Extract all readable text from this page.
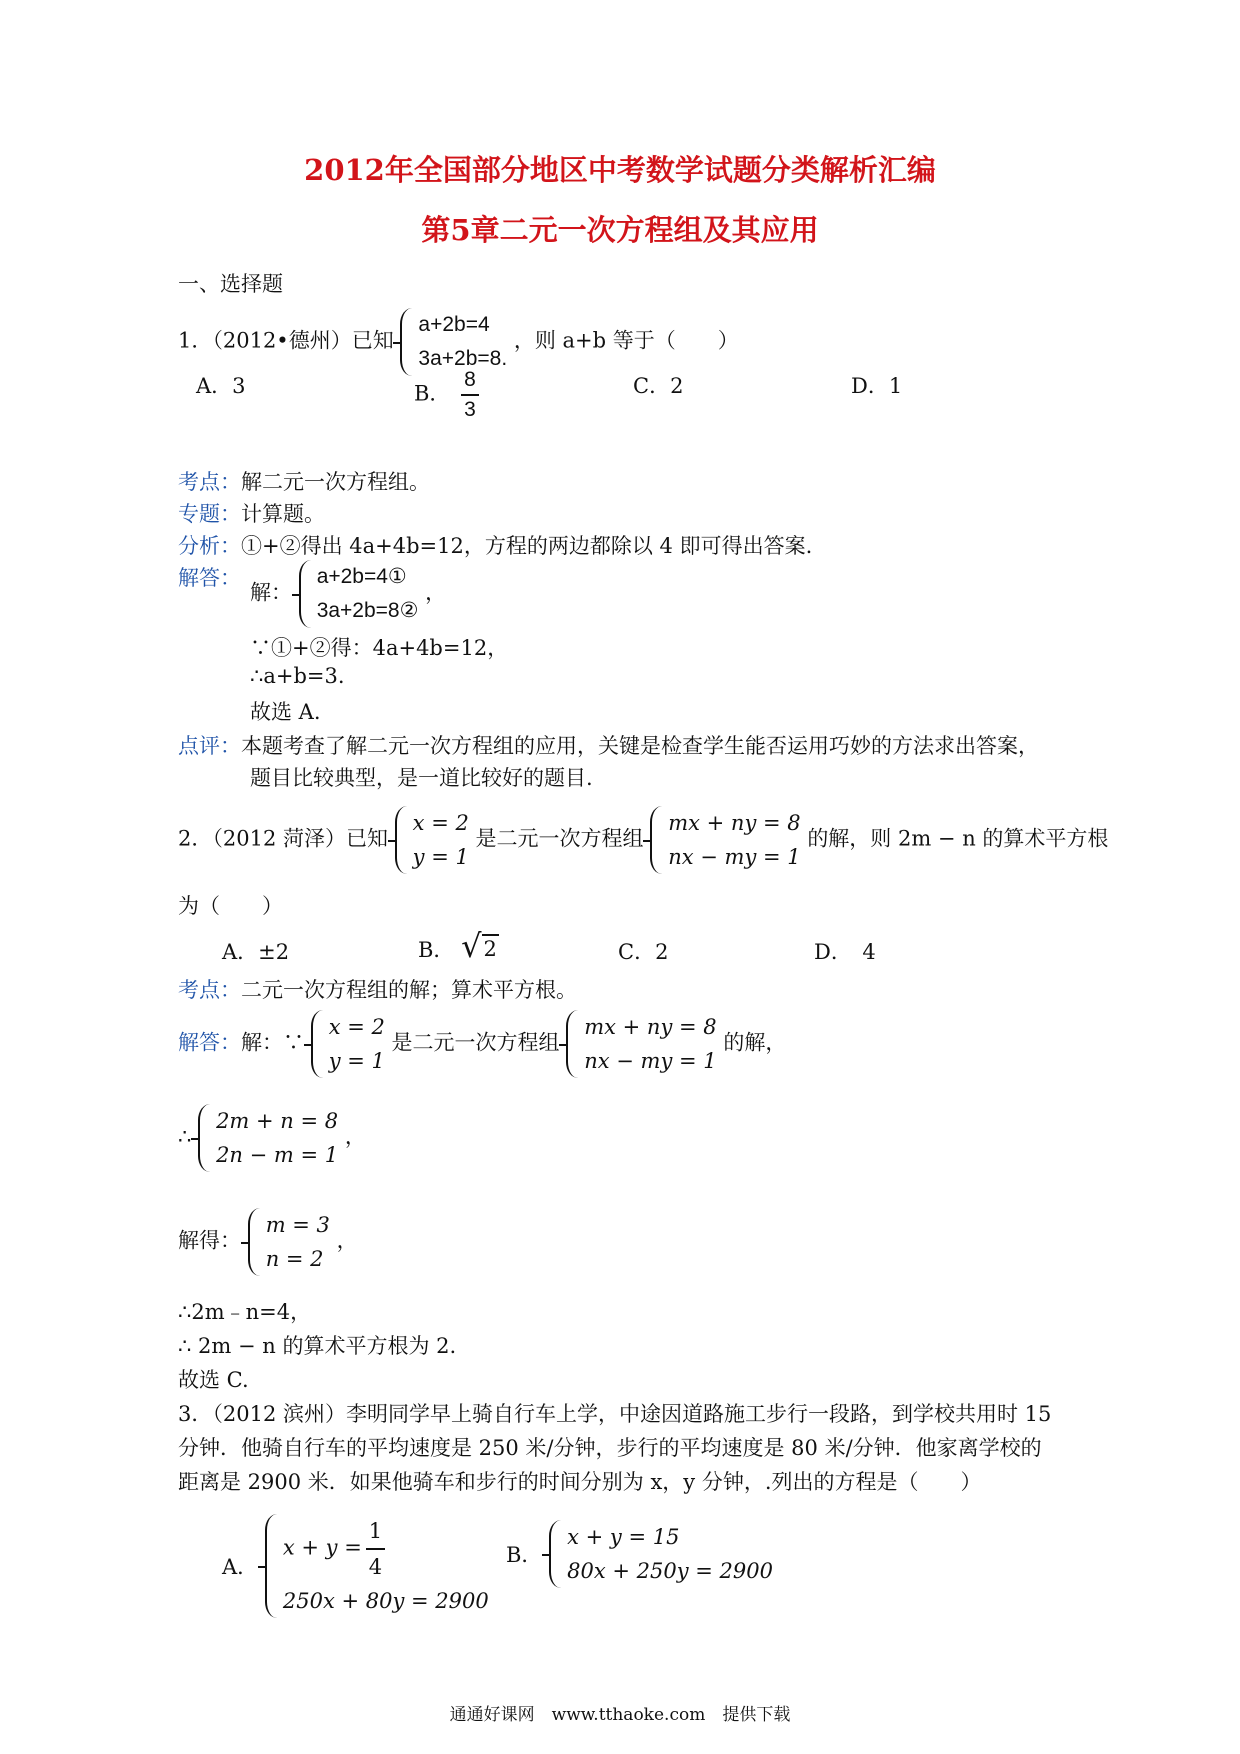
2012年全国部分地区中考数学试题分类解析汇编
第5章二元一次方程组及其应用
一、选择题
1．（2012•德州）已知
a+2b=4
3a+2b=8.
，则 a+b 等于（　　）
A．3	B． $\frac{8}{3}$	C．2	D．1
考点：解二元一次方程组。
专题：计算题。
分析：①+②得出 4a+4b=12，方程的两边都除以 4 即可得出答案.
解答：
解：
a+2b=4①
3a+2b=8②
，
∵①+②得：4a+4b=12，
∴a+b=3.
故选 A.
点评：本题考查了解二元一次方程组的应用，关键是检查学生能否运用巧妙的方法求出答案，
题目比较典型，是一道比较好的题目.
2．（2012 菏泽）已知
x = 2
y = 1
是二元一次方程组
mx + ny = 8
nx − my = 1
的解，则 2m − n 的算术平方根
为（　　）
A．±2	B． √ 2	C．2	D．　4
考点：二元一次方程组的解；算术平方根。
解答：解：∵
x = 2
y = 1
是二元一次方程组
mx + ny = 8
nx − my = 1
的解，
∴
2m + n = 8
2n − m = 1
，
解得：
m = 3
n = 2
，
∴2m﹣n=4，
∴ 2m − n 的算术平方根为 2.
故选 C.
3．（2012 滨州）李明同学早上骑自行车上学，中途因道路施工步行一段路，到学校共用时 15
分钟．他骑自行车的平均速度是 250 米/分钟，步行的平均速度是 80 米/分钟．他家离学校的
距离是 2900 米．如果他骑车和步行的时间分别为 x，y 分钟，.列出的方程是（　　）
A．
$x + y = \frac{1}{4}$
250x + 80y = 2900
B．
x + y = 15
80x + 250y = 2900
通通好课网　www.tthaoke.com　提供下载
